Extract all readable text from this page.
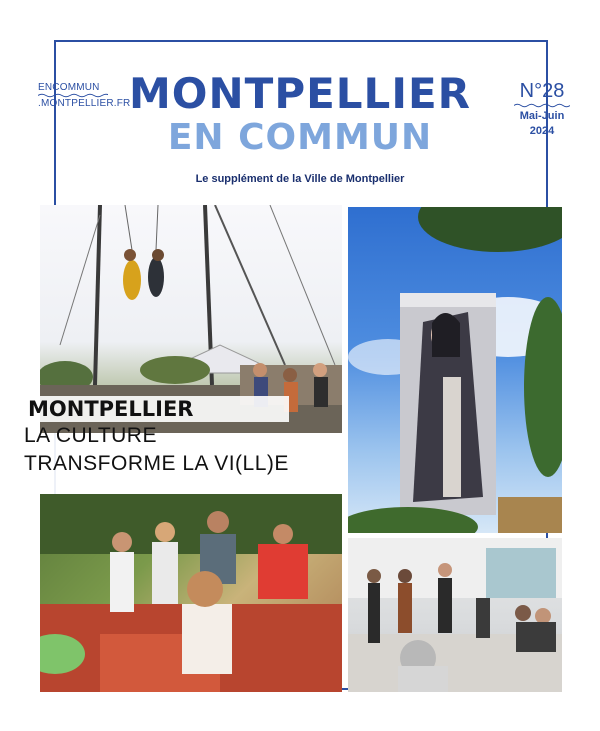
ENCOMMUN
.MONTPELLIER.FR
MONTPELLIER
EN COMMUN
N°28
Mai-Juin
2024
Le supplément de la Ville de Montpellier
MONTPELLIER
LA CULTURE
TRANSFORME LA VI(LL)E
